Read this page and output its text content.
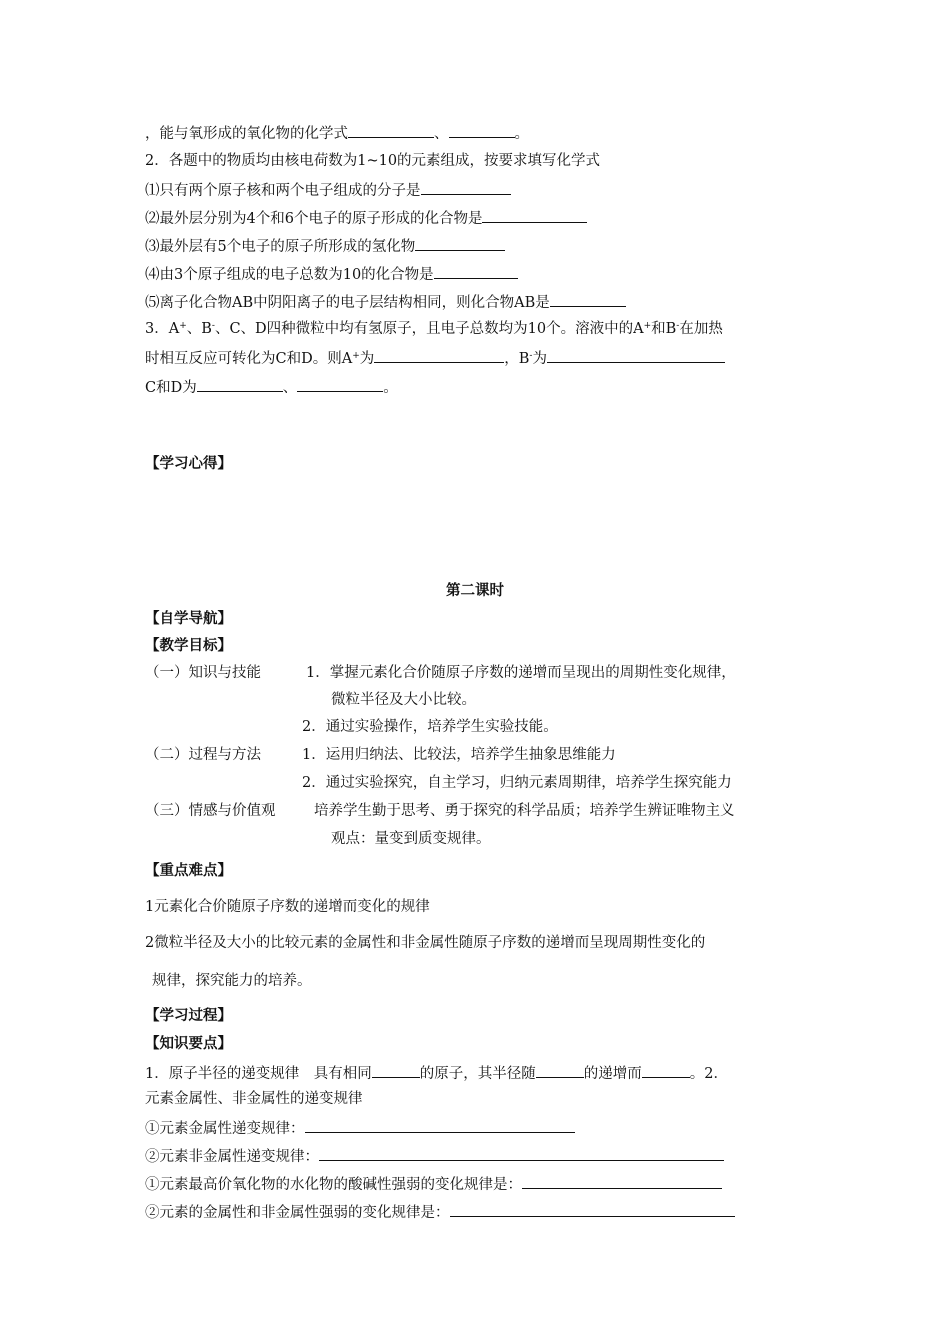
，能与氧形成的氧化物的化学式	、	。
2．各题中的物质均由核电荷数为1~10的元素组成，按要求填写化学式
⑴只有两个原子核和两个电子组成的分子是
⑵最外层分别为4个和6个电子的原子形成的化合物是
⑶最外层有5个电子的原子所形成的氢化物
⑷由3个原子组成的电子总数为10的化合物是
⑸离子化合物AB中阴阳离子的电子层结构相同，则化合物AB是
3．A+、B-、C、D四种微粒中均有氢原子，且电子总数均为10个。溶液中的A+和B-在加热
时相互反应可转化为C和D。则A+为	，B-为
C和D为	、	。
【学习心得】
第二课时
【自学导航】
【教学目标】
（一）知识与技能	1．掌握元素化合价随原子序数的递增而呈现出的周期性变化规律，
微粒半径及大小比较。
2．通过实验操作，培养学生实验技能。
（二）过程与方法	1．运用归纳法、比较法，培养学生抽象思维能力
2．通过实验探究，自主学习，归纳元素周期律，培养学生探究能力
（三）情感与价值观	培养学生勤于思考、勇于探究的科学品质；培养学生辨证唯物主义
观点：量变到质变规律。
【重点难点】
1元素化合价随原子序数的递增而变化的规律
2微粒半径及大小的比较元素的金属性和非金属性随原子序数的递增而呈现周期性变化的
规律，探究能力的培养。
【学习过程】
【知识要点】
1．原子半径的递变规律　具有相同	的原子，其半径随	的递增而	。2．
元素金属性、非金属性的递变规律
①元素金属性递变规律：
②元素非金属性递变规律：
①元素最高价氧化物的水化物的酸碱性强弱的变化规律是：
②元素的金属性和非金属性强弱的变化规律是：
